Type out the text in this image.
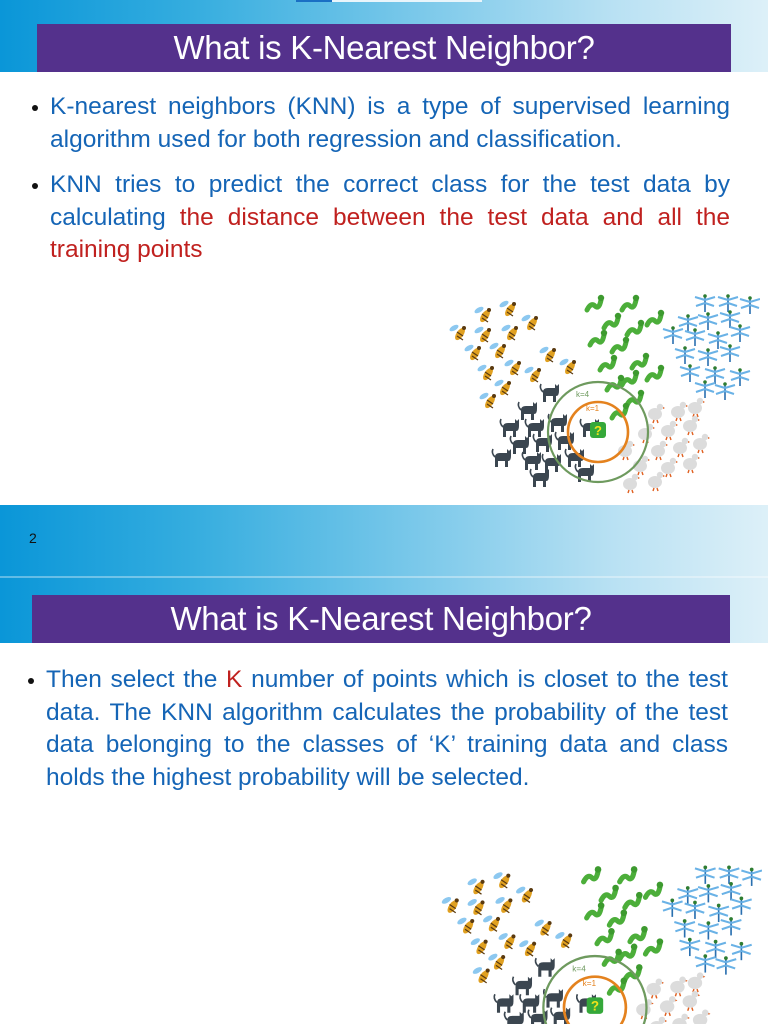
What is K-Nearest Neighbor?

K-nearest neighbors (KNN) is a type of supervised learning algorithm used for both regression and classification.

KNN tries to predict the correct class for the test data by calculating the distance between the test data and all the training points

k=4
k=1
?
2
What is K-Nearest Neighbor?

Then select the K number of points which is closet to the test data. The KNN algorithm calculates the probability of the test data belonging to the classes of ‘K’ training data and class holds the highest probability will be selected.

k=4
k=1
?
